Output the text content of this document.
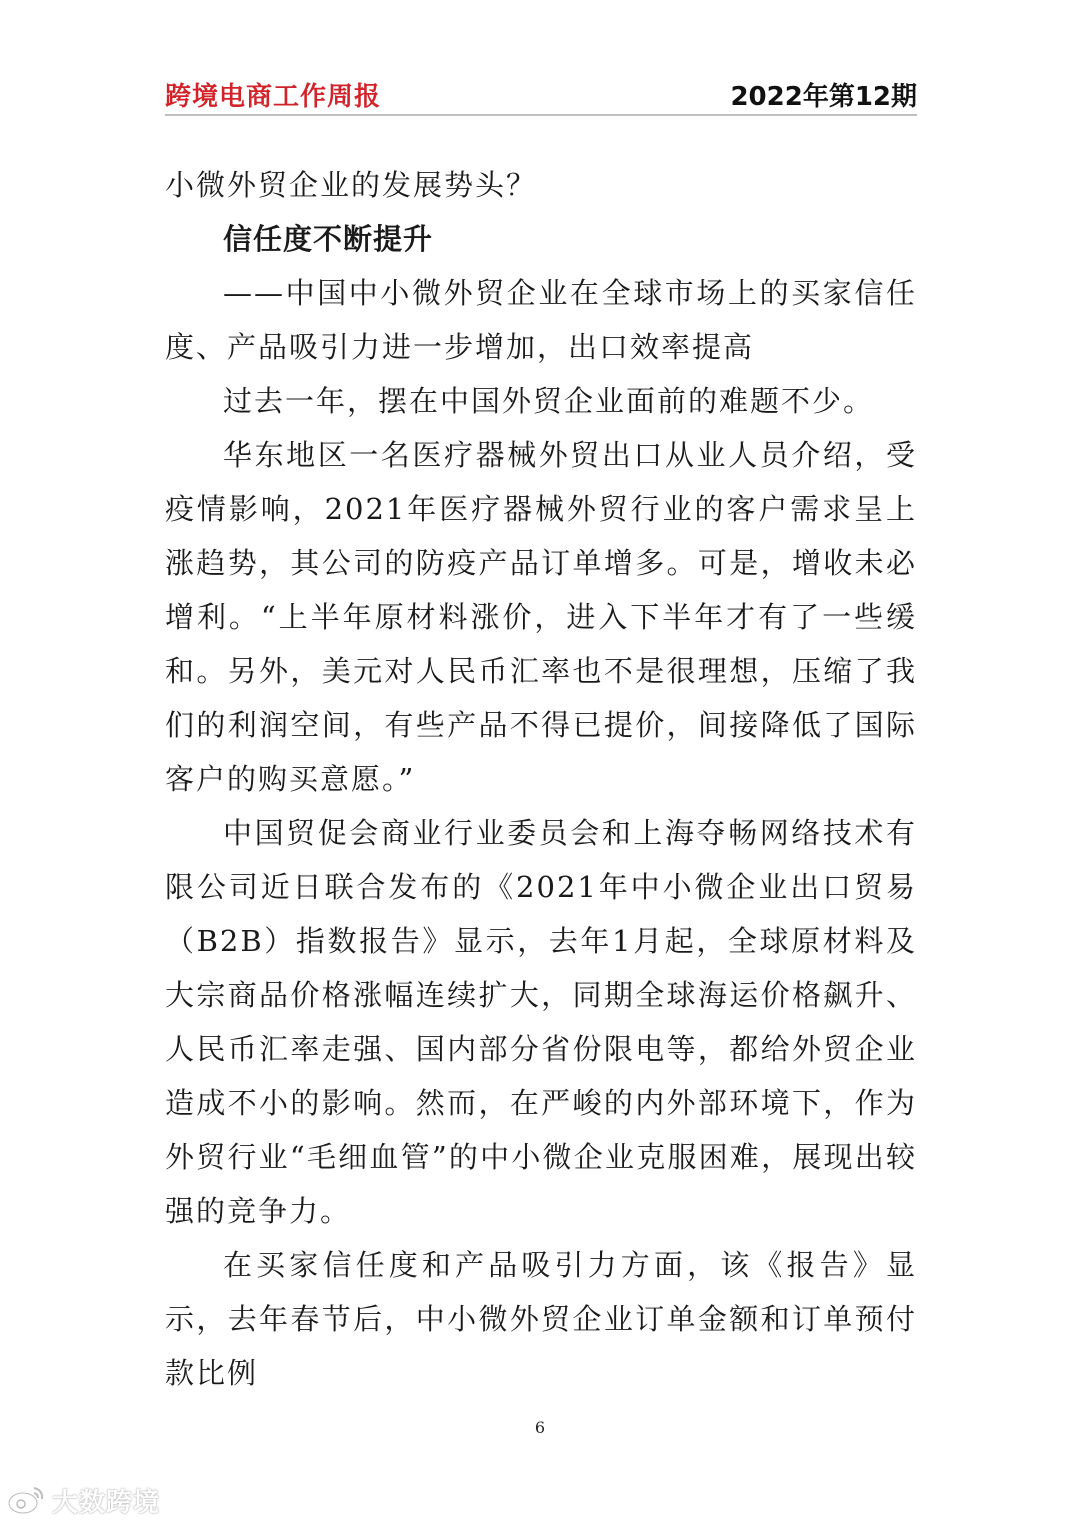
跨境电商工作周报	2022年第12期

小微外贸企业的发展势头？

信任度不断提升

——中国中小微外贸企业在全球市场上的买家信任度、产品吸引力进一步增加，出口效率提高

过去一年，摆在中国外贸企业面前的难题不少。

华东地区一名医疗器械外贸出口从业人员介绍，受疫情影响，2021年医疗器械外贸行业的客户需求呈上涨趋势，其公司的防疫产品订单增多。可是，增收未必增利。“上半年原材料涨价，进入下半年才有了一些缓和。另外，美元对人民币汇率也不是很理想，压缩了我们的利润空间，有些产品不得已提价，间接降低了国际客户的购买意愿。”

中国贸促会商业行业委员会和上海夺畅网络技术有限公司近日联合发布的《2021年中小微企业出口贸易（B2B）指数报告》显示，去年1月起，全球原材料及大宗商品价格涨幅连续扩大，同期全球海运价格飙升、人民币汇率走强、国内部分省份限电等，都给外贸企业造成不小的影响。然而，在严峻的内外部环境下，作为外贸行业“毛细血管”的中小微企业克服困难，展现出较强的竞争力。

在买家信任度和产品吸引力方面，该《报告》显示，去年春节后，中小微外贸企业订单金额和订单预付款比例

6
大数跨境
